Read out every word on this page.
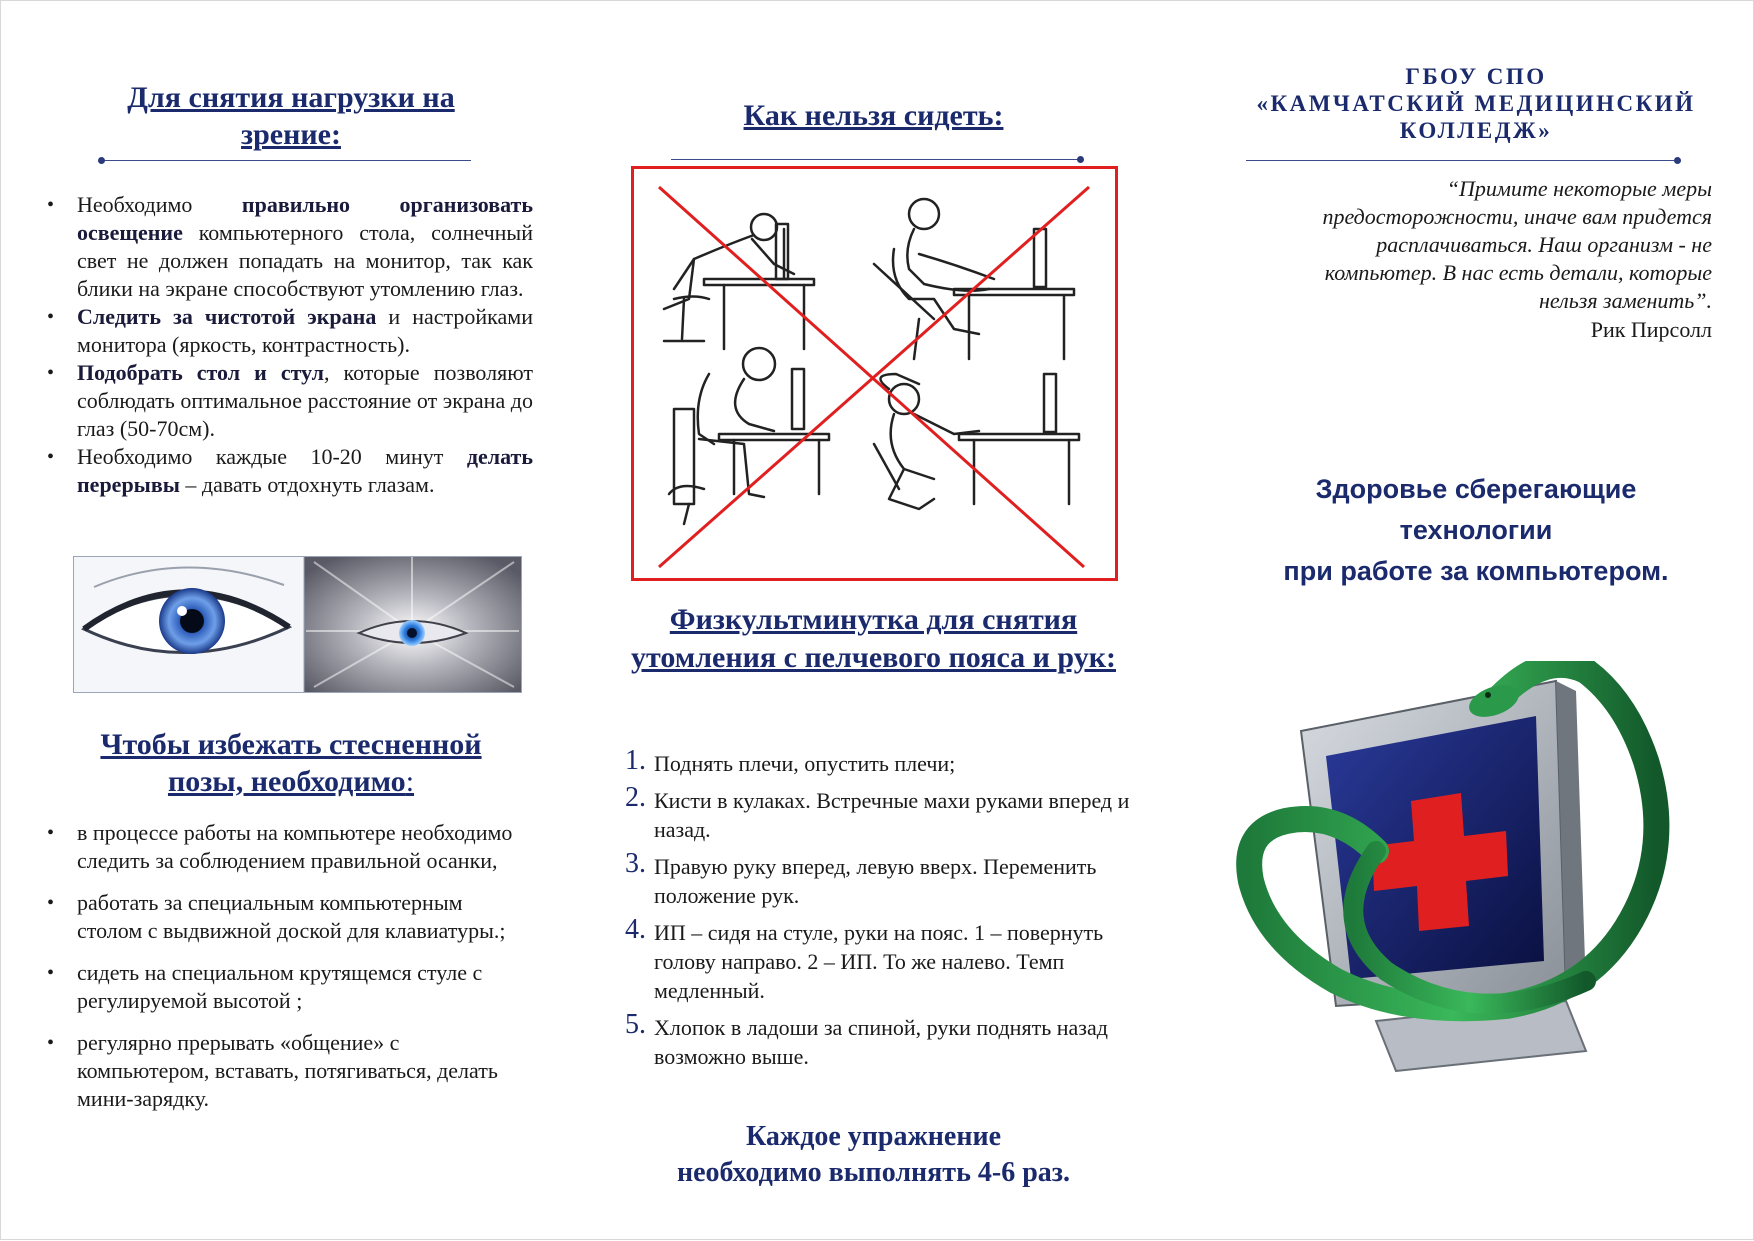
Для снятия нагрузки на зрение:
• Необходимо правильно организовать освещение компьютерного стола, солнечный свет не должен попадать на монитор, так как блики на экране способствуют утомлению глаз.
• Следить за чистотой экрана и настройками монитора (яркость, контрастность).
• Подобрать стол и стул, которые позволяют соблюдать оптимальное расстояние от экрана до глаз (50-70см).
• Необходимо каждые 10-20 минут делать перерывы – давать отдохнуть глазам.
Чтобы избежать стесненной позы, необходимо:
• в процессе работы на компьютере необходимо следить за соблюдением правильной осанки,
• работать за специальным компьютерным столом с выдвижной доской для клавиатуры.;
• сидеть на специальном крутящемся стуле с регулируемой высотой ;
• регулярно прерывать «общение» с компьютером, вставать, потягиваться, делать мини-зарядку.
Как нельзя сидеть:
Физкультминутка для снятия утомления с пелчевого пояса и рук:
1. Поднять плечи, опустить плечи;
2. Кисти в кулаках. Встречные махи руками вперед и назад.
3. Правую руку вперед, левую вверх. Переменить положение рук.
4. ИП – сидя на стуле, руки на пояс. 1 – повернуть голову направо. 2 – ИП. То же налево. Темп медленный.
5. Хлопок в ладоши за спиной, руки поднять назад возможно выше.
Каждое упражнение
необходимо выполнять 4-6 раз.
ГБОУ СПО
«КАМЧАТСКИЙ МЕДИЦИНСКИЙ
КОЛЛЕДЖ»
“Примите некоторые меры предосторожности, иначе вам придется расплачиваться. Наш организм - не компьютер. В нас есть детали, которые нельзя заменить”.
Рик Пирсолл
Здоровье сберегающие
технологии
при работе за компьютером.
